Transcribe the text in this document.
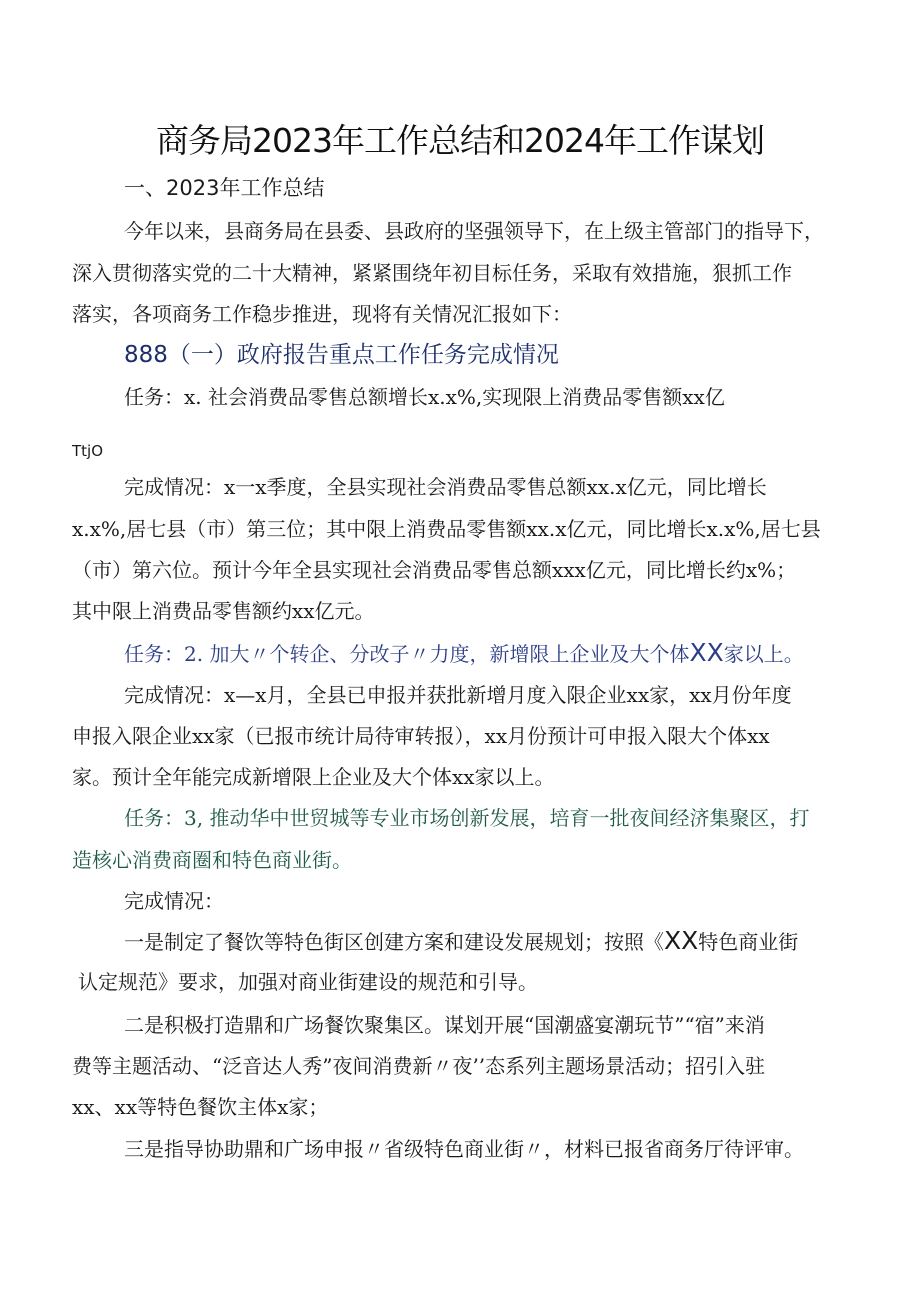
商务局2023年工作总结和2024年工作谋划
一、2023年工作总结
今年以来，县商务局在县委、县政府的坚强领导下，在上级主管部门的指导下，
深入贯彻落实党的二十大精神，紧紧围绕年初目标任务，采取有效措施，狠抓工作
落实，各项商务工作稳步推进，现将有关情况汇报如下：
888（一）政府报告重点工作任务完成情况
任务：x. 社会消费品零售总额增长x.x%,实现限上消费品零售额xx亿
TtjO
完成情况：x一x季度，全县实现社会消费品零售总额xx.x亿元，同比增长
x.x%,居七县（市）第三位；其中限上消费品零售额xx.x亿元，同比增长x.x%,居七县
（市）第六位。预计今年全县实现社会消费品零售总额xxx亿元，同比增长约x%；
其中限上消费品零售额约xx亿元。
任务：2. 加大〃个转企、分改子〃力度，新增限上企业及大个体XX家以上。
完成情况：x—x月，全县已申报并获批新增月度入限企业xx家，xx月份年度
申报入限企业xx家（已报市统计局待审转报），xx月份预计可申报入限大个体xx
家。预计全年能完成新增限上企业及大个体xx家以上。
任务：3, 推动华中世贸城等专业市场创新发展，培育一批夜间经济集聚区，打
造核心消费商圈和特色商业街。
完成情况：
一是制定了餐饮等特色街区创建方案和建设发展规划；按照《XX特色商业街
认定规范》要求，加强对商业街建设的规范和引导。
二是积极打造鼎和广场餐饮聚集区。谋划开展“国潮盛宴潮玩节”“宿”来消
费等主题活动、“泛音达人秀”夜间消费新〃夜’’态系列主题场景活动；招引入驻
xx、xx等特色餐饮主体x家；
三是指导协助鼎和广场申报〃省级特色商业街〃，材料已报省商务厅待评审。
